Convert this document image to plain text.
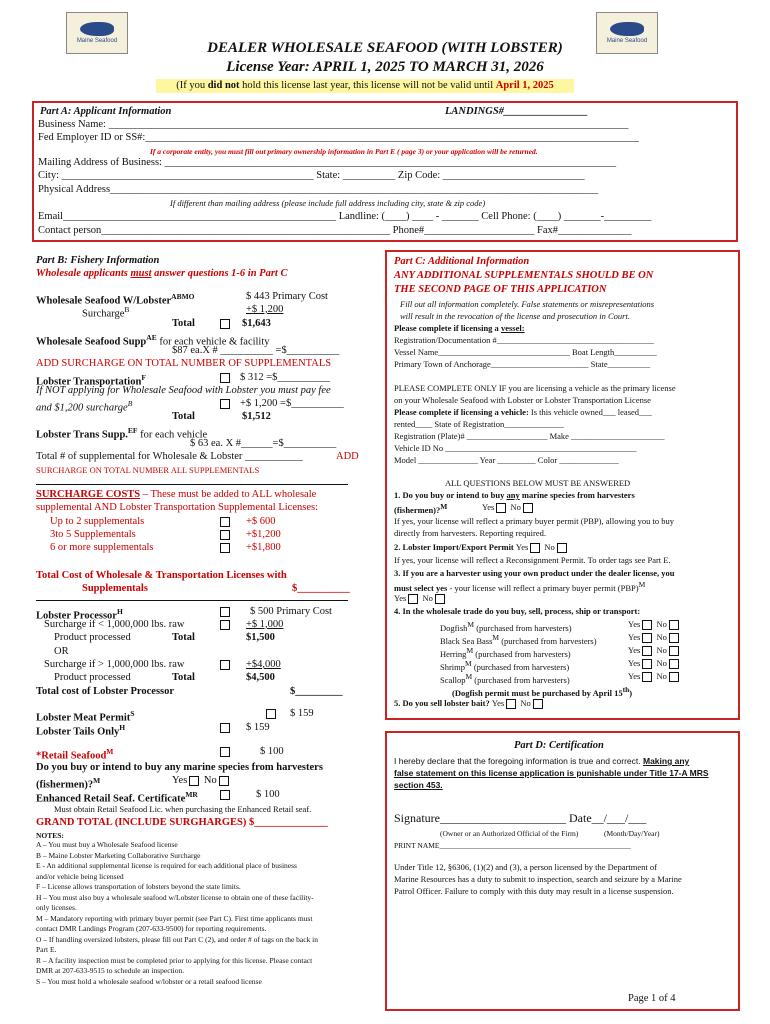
Maine Seafood	Maine Seafood
DEALER WHOLESALE SEAFOOD (WITH LOBSTER)
License Year: APRIL 1, 2025 TO MARCH 31, 2026
(If you did not hold this license last year, this license will not be valid until April 1, 2025
Part A: Applicant Information	LANDINGS#________________
Business Name: ___________________________________________________________________________________________________
Fed Employer ID or SS#:______________________________________________________________________________________________
If a corporate entity, you must fill out primary ownership information in Part E ( page 3) or your application will be returned.
Mailing Address of Business: ______________________________________________________________________________________
City: ________________________________________________ State: __________ Zip Code: ___________________________
Physical Address_____________________________________________________________________________________________
If different than mailing address (please include full address including city, state & zip code)
Email____________________________________________________ Landline: (____) ____ - _______ Cell Phone: (____) _______-_________
Contact person_______________________________________________________ Phone#_____________________ Fax#______________
Part B: Fishery Information
Wholesale applicants must answer questions 1-6 in Part C
Wholesale Seafood W/Lobster$^{ABMO}$	$ 443 Primary Cost
Surcharge$^B$	+$ 1,200
Total	$1,643
Wholesale Seafood Supp$^{AE}$ for each vehicle & facility
$87 ea.X # __________ =$__________
ADD SURCHARGE ON TOTAL NUMBER OF SUPPLEMENTALS
Lobster Transportation$^F$	$ 312 =$__________
If NOT applying for Wholesale Seafood with Lobster you must pay fee
and $1,200 surcharge$^B$	+$ 1,200 =$__________
Total	$1,512
Lobster Trans Supp.$^{EF}$ for each vehicle
$ 63 ea. X #______=$__________
Total # of supplemental for Wholesale & Lobster ___________	ADD
SURCHARGE ON TOTAL NUMBER ALL SUPPLEMENTALS
SURCHARGE COSTS – These must be added to ALL wholesale
supplemental AND Lobster Transportation Supplemental Licenses:
Up to 2 supplementals	+$ 600
3to 5 Supplementals	+$1,200
6 or more supplementals	+$1,800
Total Cost of Wholesale & Transportation Licenses with
Supplementals	$__________
Lobster Processor$^H$	$ 500 Primary Cost
Surcharge if < 1,000,000 lbs. raw	+$ 1,000
Product processed	Total	$1,500
OR
Surcharge if > 1,000,000 lbs. raw	+$4,000
Product processed	Total	$4,500
Total cost of Lobster Processor	$_________
Lobster Meat Permit$^S$	$ 159
Lobster Tails Only$^H$	$ 159
*Retail Seafood$^M$	$ 100
Do you buy or intend to buy any marine species from harvesters
(fishermen)?$^M$	Yes No
Enhanced Retail Seaf. Certificate$^{MR}$	$ 100
Must obtain Retail Seafood Lic. when purchasing the Enhanced Retail seaf.
GRAND TOTAL (INCLUDE SURGHARGES) $______________
NOTES:
A – You must buy a Wholesale Seafood license
B – Maine Lobster Marketing Collaborative Surcharge
E - An additional supplemental license is required for each additional place of business
and/or vehicle being licensed
F – License allows transportation of lobsters beyond the state limits.
H – You must also buy a wholesale seafood w/Lobster license to obtain one of these facility-
only licenses.
M – Mandatory reporting with primary buyer permit (see Part C). First time applicants must
contact DMR Landings Program (207-633-9500) for reporting requirements.
O – If handling oversized lobsters, please fill out Part C (2), and order # of tags on the back in
Part E.
R – A facility inspection must be completed prior to applying for this license. Please contact
DMR at 207-633-9515 to schedule an inspection.
S – You must hold a wholesale seafood w/lobster or a retail seafood license
Part C: Additional Information
ANY ADDITIONAL SUPPLEMENTALS SHOULD BE ON
THE SECOND PAGE OF THIS APPLICATION
Fill out all information completely. False statements or misrepresentations
will result in the revocation of the license and prosecution in Court.
Please complete if licensing a vessel:
Registration/Documentation #_____________________________________
Vessel Name_______________________________ Boat Length__________
Primary Town of Anchorage_______________________ State__________
PLEASE COMPLETE ONLY IF you are licensing a vehicle as the primary license
on your Wholesale Seafood with Lobster or Lobster Transportation License
Please complete if licensing a vehicle: Is this vehicle owned___ leased___
rented____ State of Registration______________
Registration (Plate)# ___________________ Make ______________________
Vehicle ID No _____________________________________________
Model ______________ Year _________ Color ______________
ALL QUESTIONS BELOW MUST BE ANSWERED
1. Do you buy or intend to buy any marine species from harvesters
(fishermen)?$^M$	Yes No
If yes, your license will reflect a primary buyer permit (PBP), allowing you to buy
directly from harvesters. Reporting required.
2. Lobster Import/Export Permit Yes No
If yes, your license will reflect a Reconsignment Permit. To order tags see Part E.
3. If you are a harvester using your own product under the dealer license, you
must select yes - your license will reflect a primary buyer permit (PBP)$^M$
Yes No
4. In the wholesale trade do you buy, sell, process, ship or transport:
Dogfish$^M$ (purchased from harvesters)	Yes No
Black Sea Bass$^M$ (purchased from harvesters)	Yes No
Herring$^M$ (purchased from harvesters)	Yes No
Shrimp$^M$ (purchased from harvesters)	Yes No
Scallop$^M$ (purchased from harvesters)	Yes No
(Dogfish permit must be purchased by April 15th)
5. Do you sell lobster bait? Yes No
Part D: Certification
I hereby declare that the foregoing information is true and correct. Making any
false statement on this license application is punishable under Title 17-A MRS
section 453.
Signature_____________________ Date__/___/___
(Owner or an Authorized Official of the Firm)	(Month/Day/Year)
PRINT NAME___________________________________________________
Under Title 12, §6306, (1)(2) and (3), a person licensed by the Department of
Marine Resources has a duty to submit to inspection, search and seizure by a Marine
Patrol Officer. Failure to comply with this duty may result in a license suspension.
Page 1 of 4
